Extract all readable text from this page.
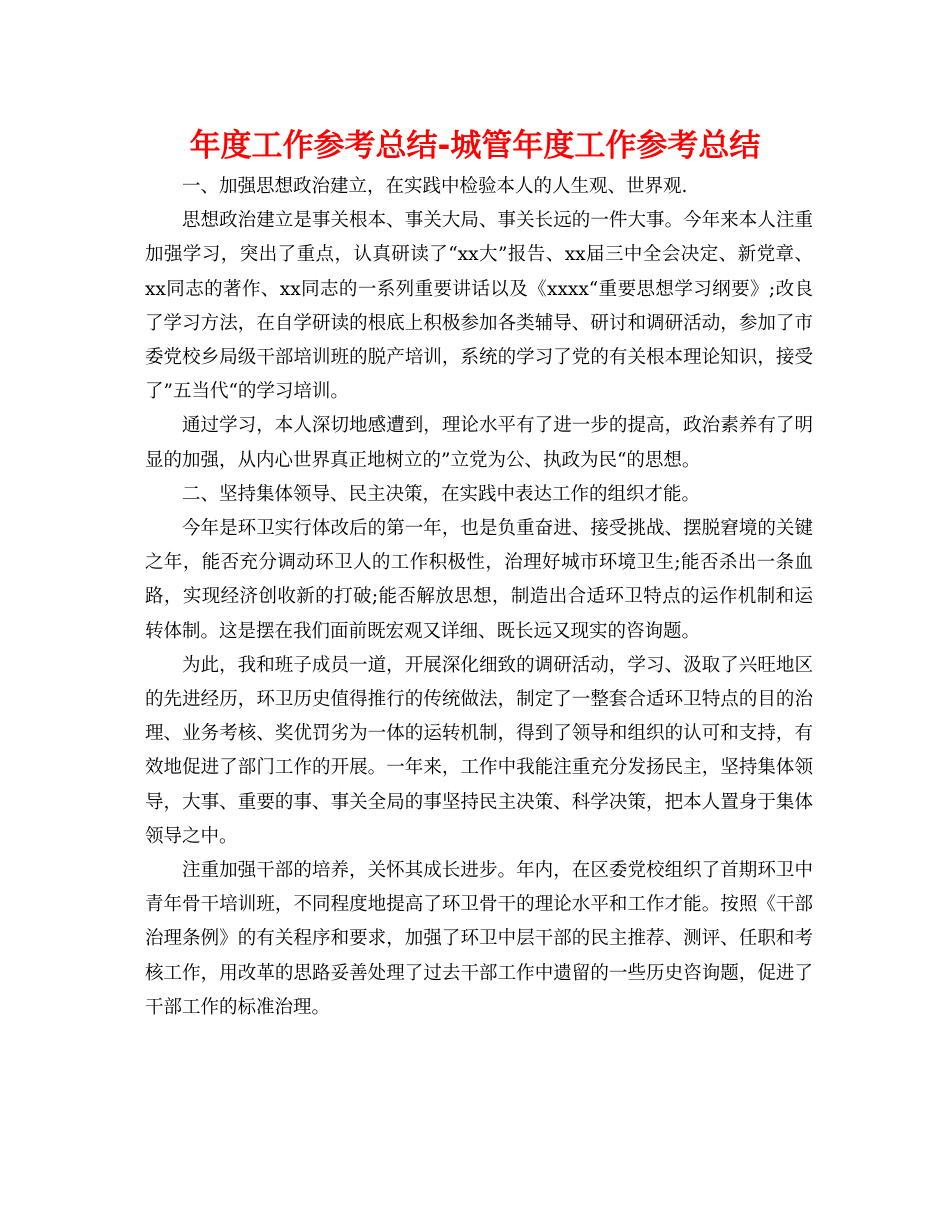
年度工作参考总结-城管年度工作参考总结

一、加强思想政治建立，在实践中检验本人的人生观、世界观.

思想政治建立是事关根本、事关大局、事关长远的一件大事。今年来本人注重加强学习，突出了重点，认真研读了“xx大”报告、xx届三中全会决定、新党章、xx同志的著作、xx同志的一系列重要讲话以及《xxxx“重要思想学习纲要》;改良了学习方法，在自学研读的根底上积极参加各类辅导、研讨和调研活动，参加了市委党校乡局级干部培训班的脱产培训，系统的学习了党的有关根本理论知识，接受了”五当代“的学习培训。

通过学习，本人深切地感遭到，理论水平有了进一步的提高，政治素养有了明显的加强，从内心世界真正地树立的”立党为公、执政为民“的思想。

二、坚持集体领导、民主决策，在实践中表达工作的组织才能。

今年是环卫实行体改后的第一年，也是负重奋进、接受挑战、摆脱窘境的关键之年，能否充分调动环卫人的工作积极性，治理好城市环境卫生;能否杀出一条血路，实现经济创收新的打破;能否解放思想，制造出合适环卫特点的运作机制和运转体制。这是摆在我们面前既宏观又详细、既长远又现实的咨询题。

为此，我和班子成员一道，开展深化细致的调研活动，学习、汲取了兴旺地区的先进经历，环卫历史值得推行的传统做法，制定了一整套合适环卫特点的目的治理、业务考核、奖优罚劣为一体的运转机制，得到了领导和组织的认可和支持，有效地促进了部门工作的开展。一年来，工作中我能注重充分发扬民主，坚持集体领导，大事、重要的事、事关全局的事坚持民主决策、科学决策，把本人置身于集体领导之中。

注重加强干部的培养，关怀其成长进步。年内，在区委党校组织了首期环卫中青年骨干培训班，不同程度地提高了环卫骨干的理论水平和工作才能。按照《干部治理条例》的有关程序和要求，加强了环卫中层干部的民主推荐、测评、任职和考核工作，用改革的思路妥善处理了过去干部工作中遗留的一些历史咨询题，促进了干部工作的标准治理。
